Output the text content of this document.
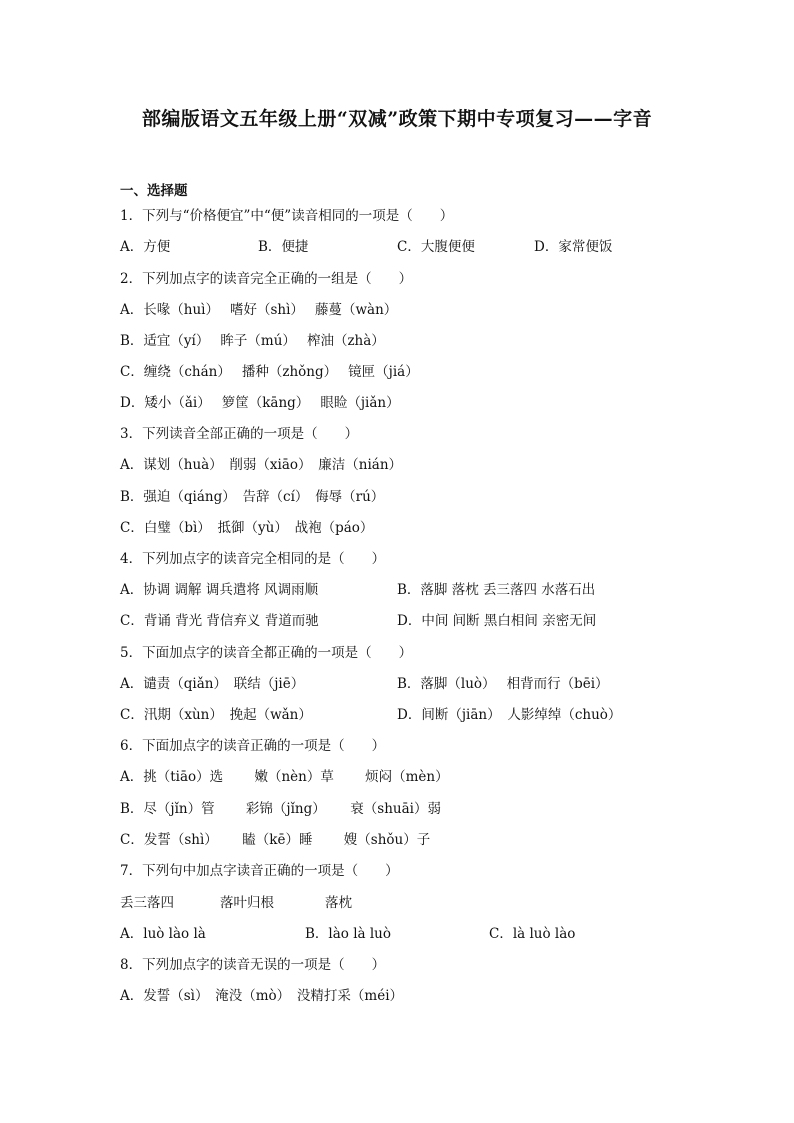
部编版语文五年级上册“双减”政策下期中专项复习——字音
一、选择题
1．下列与“价格便宜”中“便”读音相同的一项是（　　）
A．方便	B．便捷	C．大腹便便	D．家常便饭
2．下列加点字的读音完全正确的一组是（　　）
A．长喙（huì）　 嗜好（shì）　 藤蔓（wàn）
B．适宜（yí）　 眸子（mú）　 榨油（zhà）
C．缠绕（chán）　 播种（zhǒng）　 镜匣（jiá）
D．矮小（ǎi）　 箩筐（kāng）　 眼睑（jiǎn）
3．下列读音全部正确的一项是（　　）
A．谋划（huà）　削弱（xiāo）　廉洁（nián）
B．强迫（qiáng）　告辞（cí）　侮辱（rú）
C．白璧（bì）　抵御（yù）　战袍（páo）
4．下列加点字的读音完全相同的是（　　）
A．协调 调解 调兵遣将 风调雨顺	B．落脚 落枕 丢三落四 水落石出
C．背诵 背光 背信弃义 背道而驰	D．中间 间断 黑白相间 亲密无间
5．下面加点字的读音全都正确的一项是（　　）
A．谴责（qiǎn）　联结（jiē）	B．落脚（luò）　 相背而行（bēi）
C．汛期（xùn）　挽起（wǎn）	D．间断（jiān）　人影绰绰（chuò）
6．下面加点字的读音正确的一项是（　　）
A．挑（tiāo）选　　 嫩（nèn）草　　 烦闷（mèn）
B．尽（jǐn）管　　 彩锦（jǐng）　　 衰（shuāi）弱
C．发誓（shì）　　 瞌（kē）睡　　 嫂（shǒu）子
7．下列句中加点字读音正确的一项是（　　）
丢三落四	落叶归根	落枕
A．luò lào là	B．lào là luò	C．là luò lào
8．下列加点字的读音无误的一项是（　　）
A．发誓（sì）　淹没（mò）　没精打采（méi）
